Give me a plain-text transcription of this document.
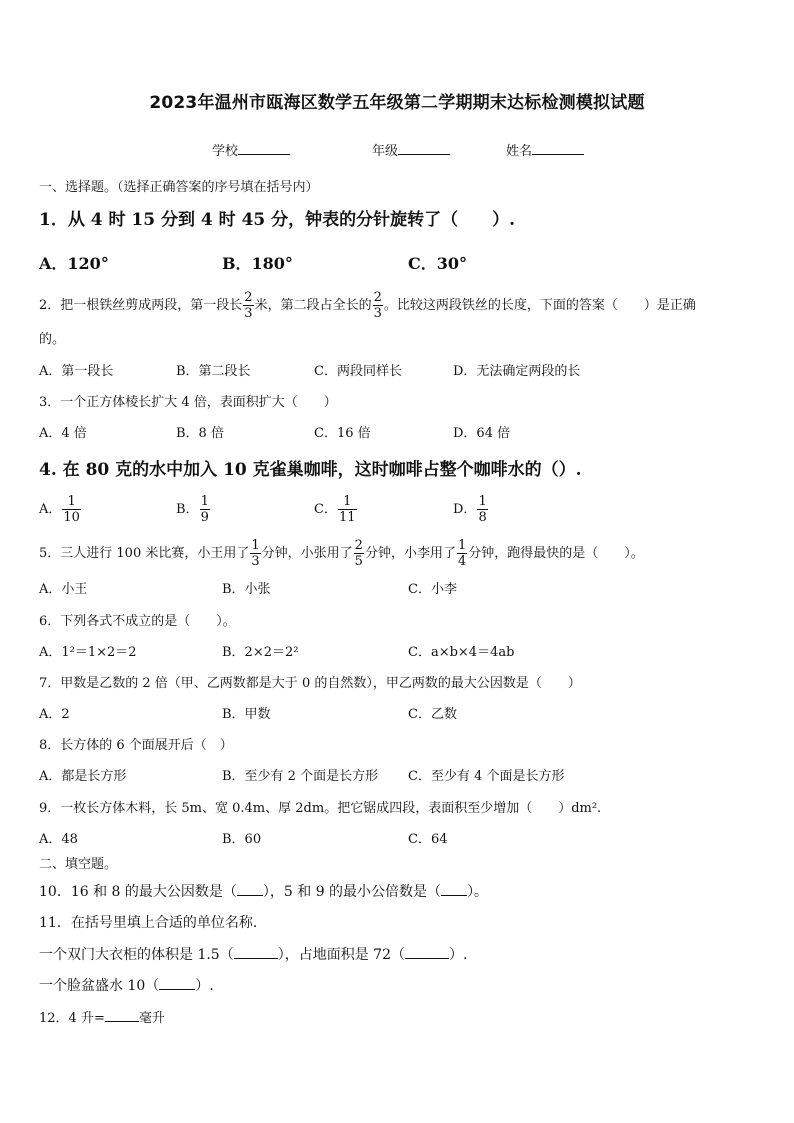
2023年温州市瓯海区数学五年级第二学期期末达标检测模拟试题
学校	年级	姓名
一、选择题。（选择正确答案的序号填在括号内）
1．从 4 时 15 分到 4 时 45 分，钟表的分针旋转了（　　）.
A．120°	B．180°	C．30°
2．把一根铁丝剪成两段，第一段长 $\frac{2}{3}$ 米，第二段占全长的 $\frac{2}{3}$ 。比较这两段铁丝的长度，下面的答案（　　）是正确
的。
A．第一段长	B．第二段长	C．两段同样长	D．无法确定两段的长
3．一个正方体棱长扩大 4 倍，表面积扩大（　　）
A．4 倍	B．8 倍	C．16 倍	D．64 倍
4. 在 80 克的水中加入 10 克雀巢咖啡，这时咖啡占整个咖啡水的（）.
A． $\frac{1}{10}$	B． $\frac{1}{9}$	C． $\frac{1}{11}$	D． $\frac{1}{8}$
5．三人进行 100 米比赛，小王用了 $\frac{1}{3}$ 分钟，小张用了 $\frac{2}{5}$ 分钟，小李用了 $\frac{1}{4}$ 分钟，跑得最快的是（　　）。
A．小王	B．小张	C．小李
6．下列各式不成立的是（　　）。
A．1²＝1×2＝2	B．2×2＝2²	C．a×b×4＝4ab
7．甲数是乙数的 2 倍（甲、乙两数都是大于 0 的自然数），甲乙两数的最大公因数是（　　）
A．2	B．甲数	C．乙数
8．长方体的 6 个面展开后（　）
A．都是长方形	B．至少有 2 个面是长方形 C．至少有 4 个面是长方形
9．一枚长方体木料，长 5m、宽 0.4m、厚 2dm。把它锯成四段，表面积至少增加（　　）dm².
A．48	B．60	C．64
二、填空题。
10．16 和 8 的最大公因数是（ ），5 和 9 的最小公倍数是（ ）。
11．在括号里填上合适的单位名称.
一个双门大衣柜的体积是 1.5（	），占地面积是 72（	）.
一个脸盆盛水 10（	）.
12．4 升=	毫升
